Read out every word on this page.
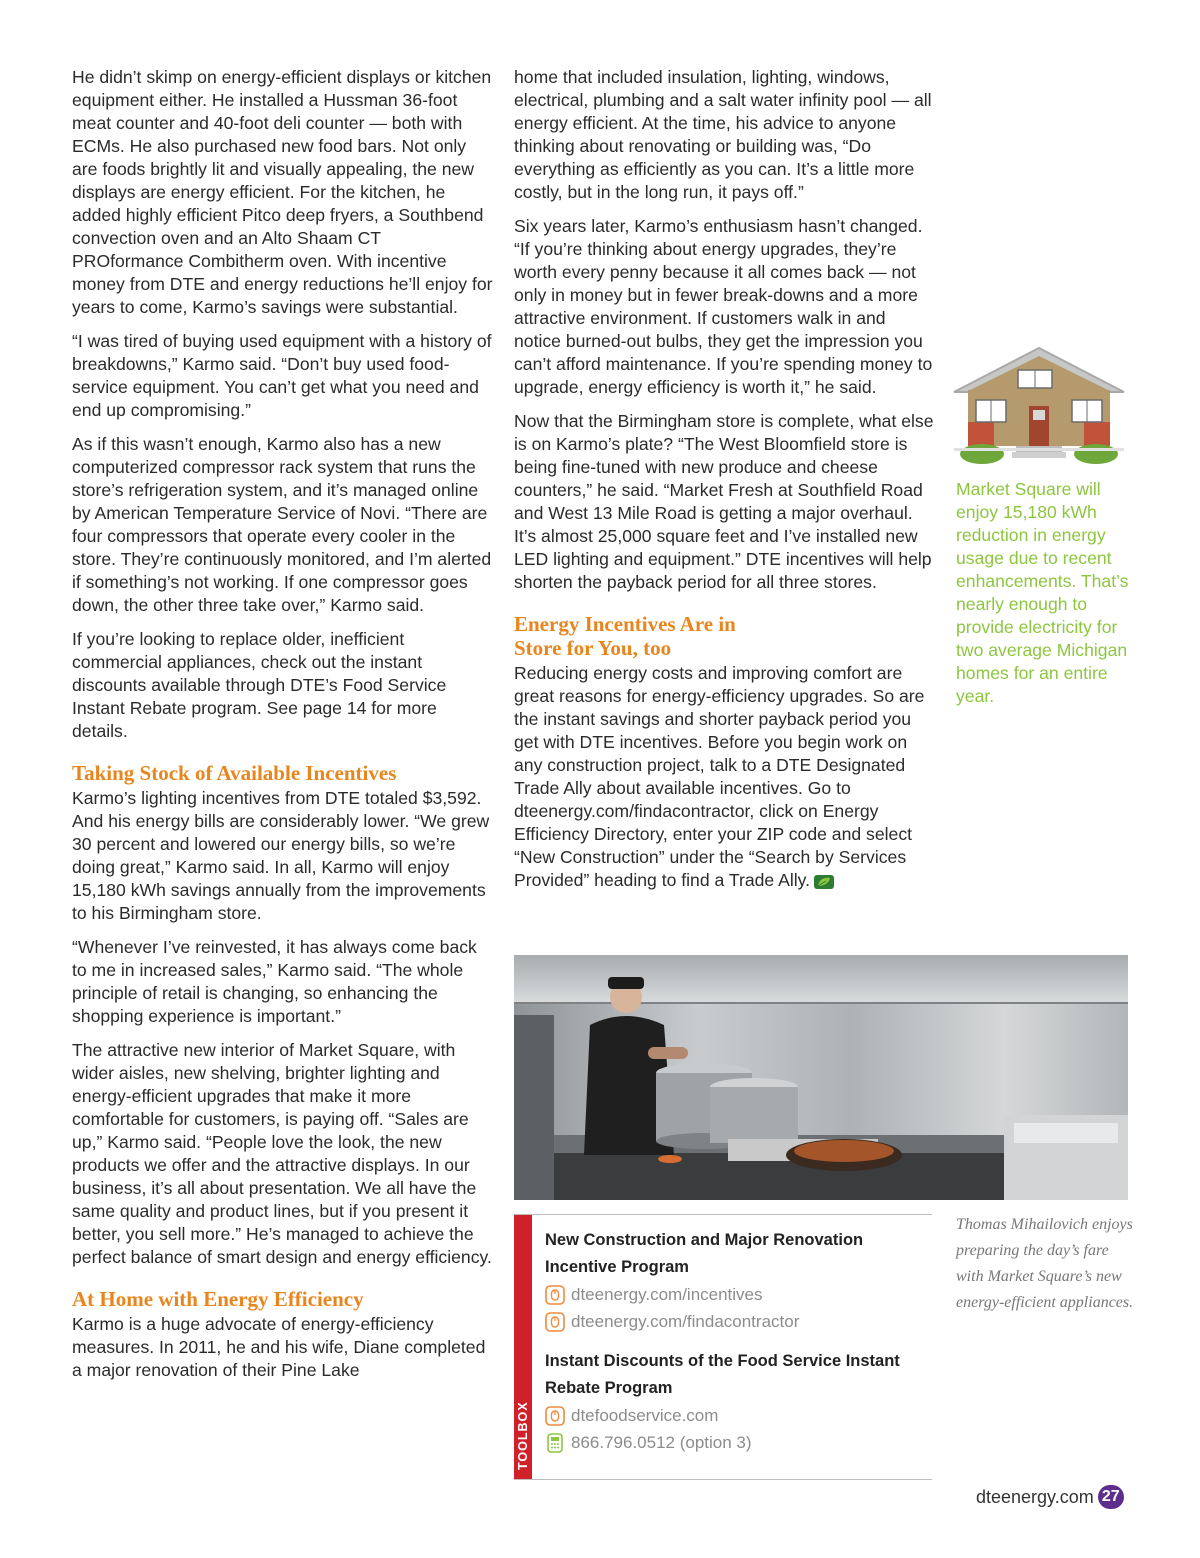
He didn’t skimp on energy-efficient displays or kitchen equipment either. He installed a Hussman 36-foot meat counter and 40-foot deli counter — both with ECMs. He also purchased new food bars. Not only are foods brightly lit and visually appealing, the new displays are energy efficient. For the kitchen, he added highly efficient Pitco deep fryers, a Southbend convection oven and an Alto Shaam CT PROformance Combitherm oven. With incentive money from DTE and energy reductions he’ll enjoy for years to come, Karmo’s savings were substantial.

“I was tired of buying used equipment with a history of breakdowns,” Karmo said. “Don’t buy used food-service equipment. You can’t get what you need and end up compromising.”

As if this wasn’t enough, Karmo also has a new computerized compressor rack system that runs the store’s refrigeration system, and it’s managed online by American Temperature Service of Novi. “There are four compressors that operate every cooler in the store. They’re continuously monitored, and I’m alerted if something’s not working. If one compressor goes down, the other three take over,” Karmo said.

If you’re looking to replace older, inefficient commercial appliances, check out the instant discounts available through DTE’s Food Service Instant Rebate program. See page 14 for more details.

Taking Stock of Available Incentives

Karmo’s lighting incentives from DTE totaled $3,592. And his energy bills are considerably lower. “We grew 30 percent and lowered our energy bills, so we’re doing great,” Karmo said. In all, Karmo will enjoy 15,180 kWh savings annually from the improvements to his Birmingham store.

“Whenever I’ve reinvested, it has always come back to me in increased sales,” Karmo said. “The whole principle of retail is changing, so enhancing the shopping experience is important.”

The attractive new interior of Market Square, with wider aisles, new shelving, brighter lighting and energy-efficient upgrades that make it more comfortable for customers, is paying off. “Sales are up,” Karmo said. “People love the look, the new products we offer and the attractive displays. In our business, it’s all about presentation. We all have the same quality and product lines, but if you present it better, you sell more.” He’s managed to achieve the perfect balance of smart design and energy efficiency.

At Home with Energy Efficiency

Karmo is a huge advocate of energy-efficiency measures. In 2011, he and his wife, Diane completed a major renovation of their Pine Lake

home that included insulation, lighting, windows, electrical, plumbing and a salt water infinity pool — all energy efficient. At the time, his advice to anyone thinking about renovating or building was, “Do everything as efficiently as you can. It’s a little more costly, but in the long run, it pays off.”

Six years later, Karmo’s enthusiasm hasn’t changed. “If you’re thinking about energy upgrades, they’re worth every penny because it all comes back — not only in money but in fewer break-downs and a more attractive environment. If customers walk in and notice burned-out bulbs, they get the impression you can’t afford maintenance. If you’re spending money to upgrade, energy efficiency is worth it,” he said.

Now that the Birmingham store is complete, what else is on Karmo’s plate? “The West Bloomfield store is being fine-tuned with new produce and cheese counters,” he said. “Market Fresh at Southfield Road and West 13 Mile Road is getting a major overhaul. It’s almost 25,000 square feet and I’ve installed new LED lighting and equipment.” DTE incentives will help shorten the payback period for all three stores.

Energy Incentives Are in Store for You, too

Reducing energy costs and improving comfort are great reasons for energy-efficiency upgrades. So are the instant savings and shorter payback period you get with DTE incentives. Before you begin work on any construction project, talk to a DTE Designated Trade Ally about available incentives. Go to dteenergy.com/findacontractor, click on Energy Efficiency Directory, enter your ZIP code and select “New Construction” under the “Search by Services Provided” heading to find a Trade Ally.

Market Square will enjoy 15,180 kWh reduction in energy usage due to recent enhancements. That’s nearly enough to provide electricity for two average Michigan homes for an entire year.
Thomas Mihailovich enjoys preparing the day’s fare with Market Square’s new energy-efficient appliances.
TOOLBOX

New Construction and Major Renovation

Incentive Program

dteenergy.com/incentives
dteenergy.com/findacontractor

Instant Discounts of the Food Service Instant

Rebate Program

dtefoodservice.com
866.796.0512 (option 3)
dteenergy.com 27
